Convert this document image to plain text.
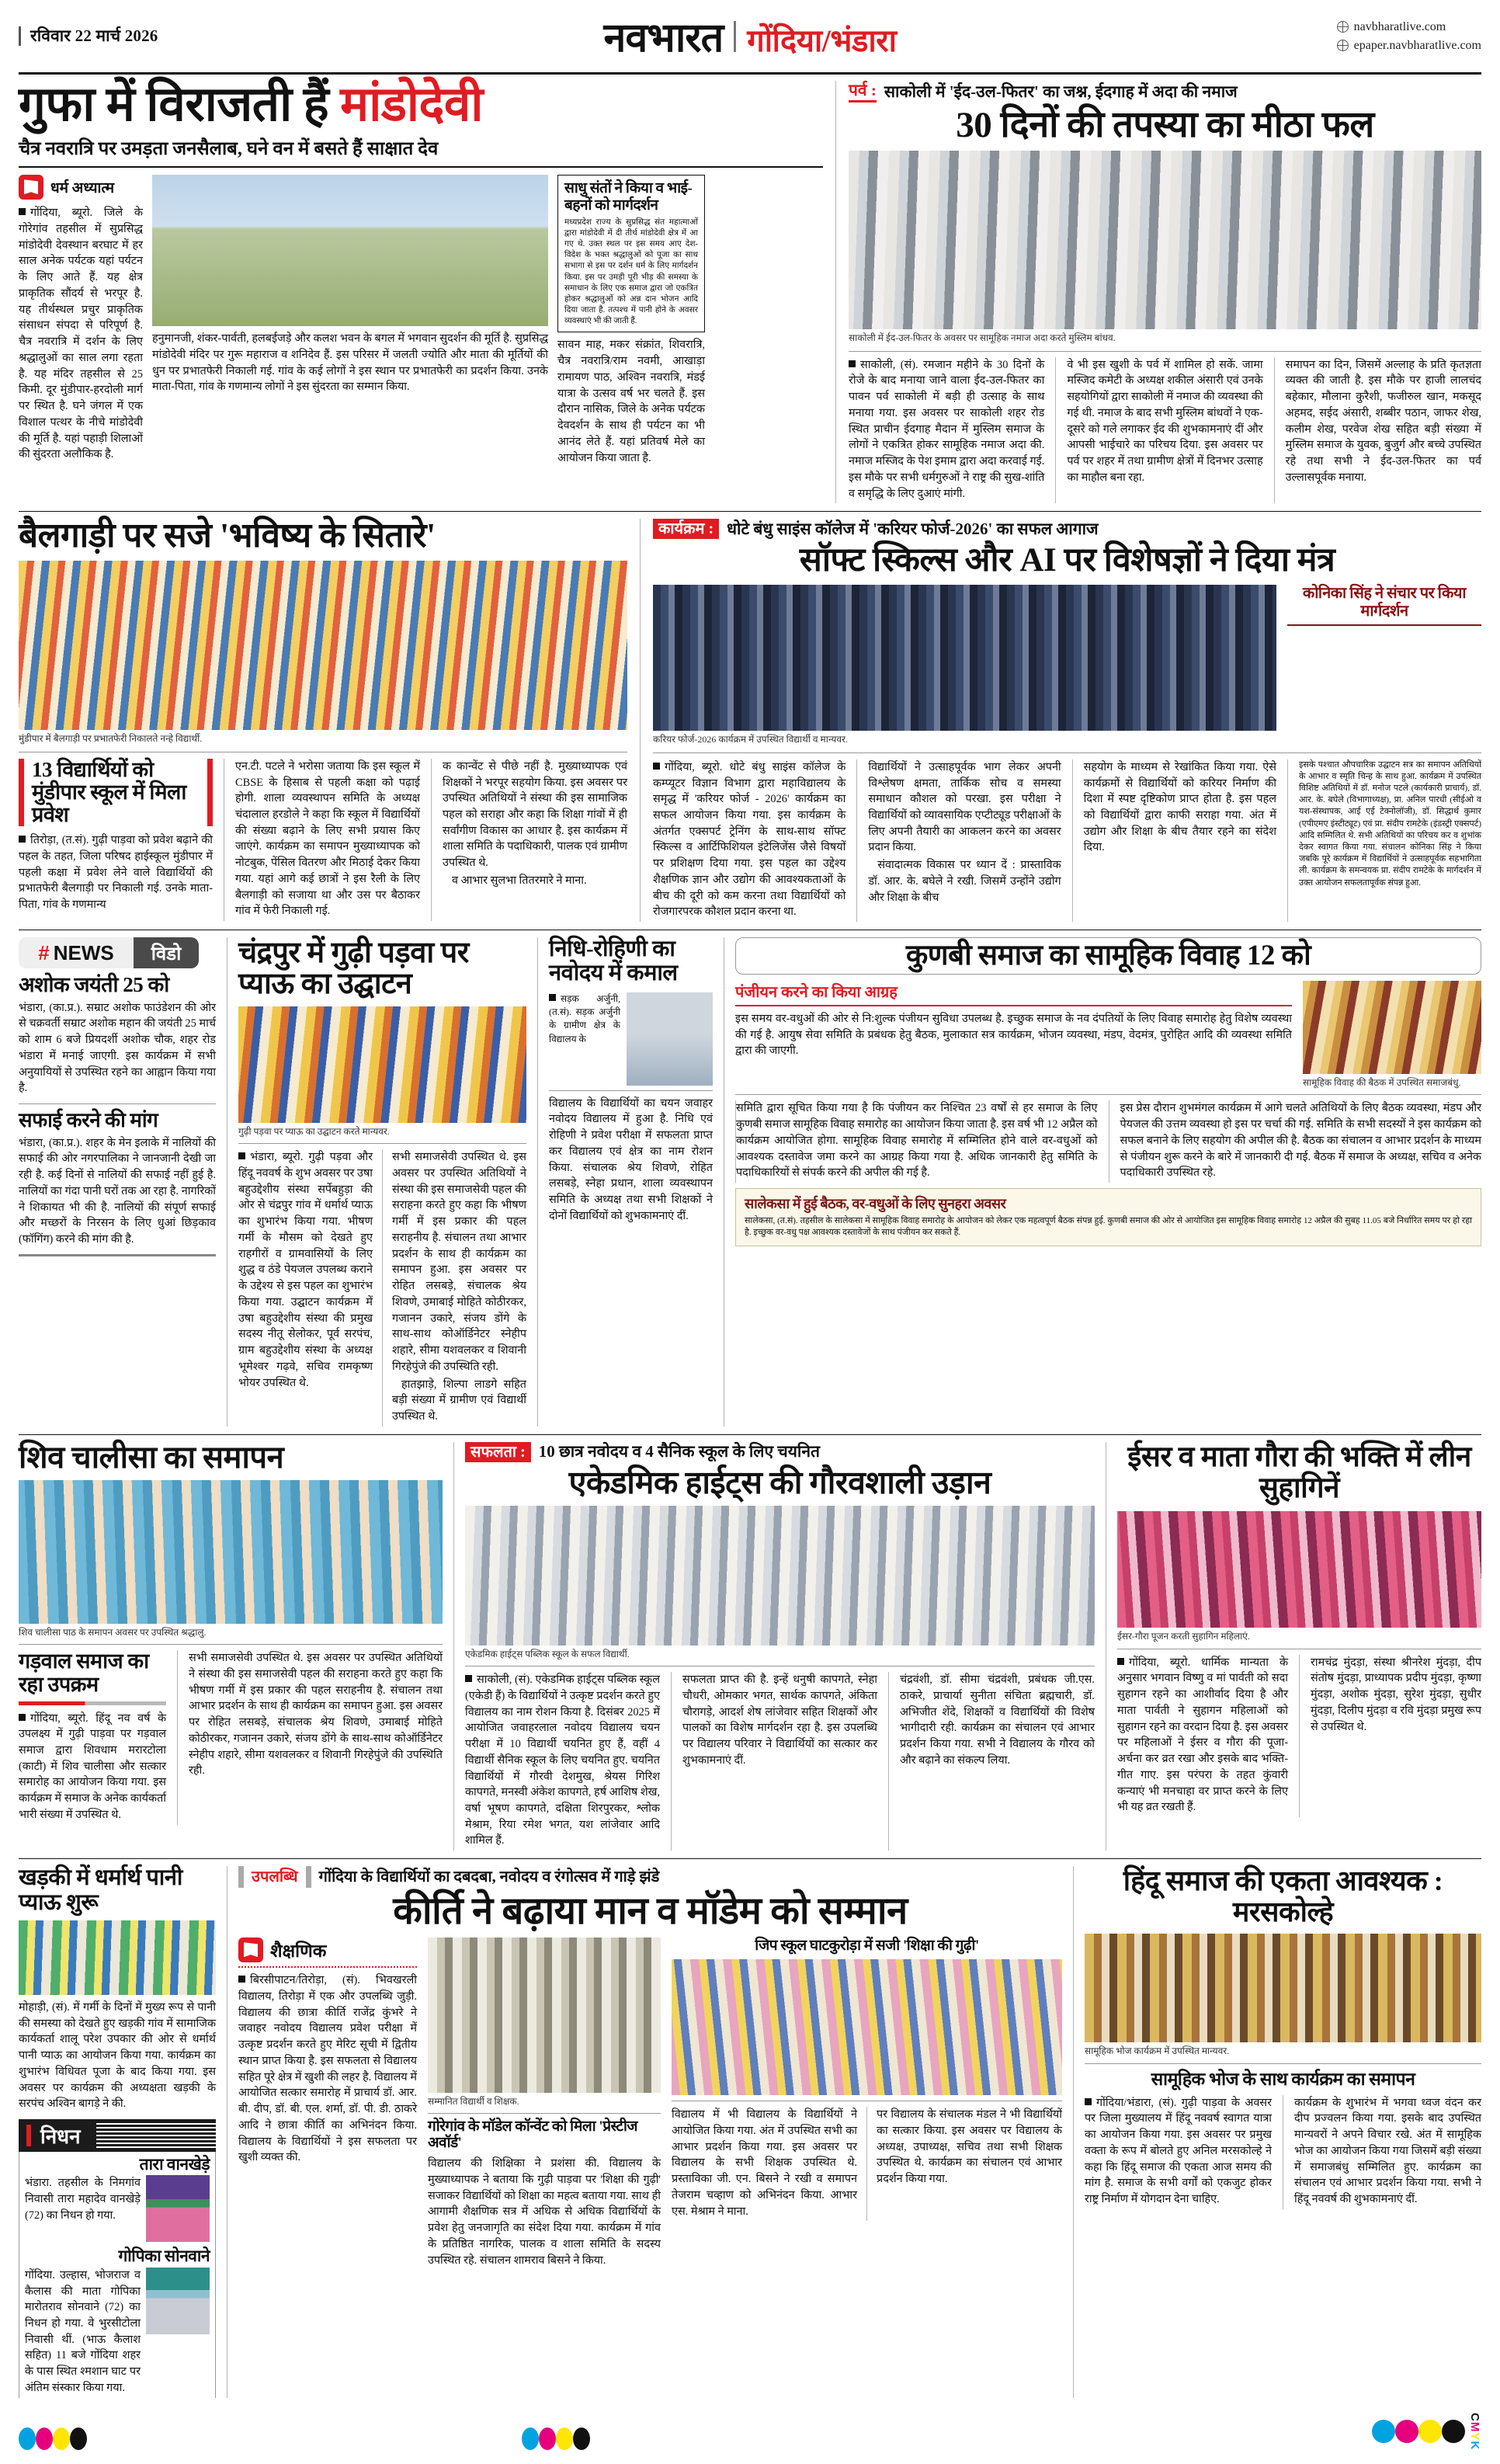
रविवार 22 मार्च 2026	नवभारत गोंदिया/भंडारा	navbharatlive.com
epaper.navbharatlive.com
गुफा में विराजती हैं मांडोदेवी
चैत्र नवरात्रि पर उमड़ता जनसैलाब, घने वन में बसते हैं साक्षात देव
धर्म अध्यात्म

गोंदिया, ब्यूरो. जिले के गोरेगांव तहसील में सुप्रसिद्ध मांडोदेवी देवस्थान बरघाट में हर साल अनेक पर्यटक यहां पर्यटन के लिए आते हैं. यह क्षेत्र प्राकृतिक सौंदर्य से भरपूर है. यह तीर्थस्थल प्रचुर प्राकृतिक संसाधन संपदा से परिपूर्ण है. चैत्र नवरात्रि में दर्शन के लिए श्रद्धालुओं का साल लगा रहता है. यह मंदिर तहसील से 25 किमी. दूर मुंडीपार-हरदोली मार्ग पर स्थित है. घने जंगल में एक विशाल पत्थर के नीचे मांडोदेवी की मूर्ति है. यहां पहाड़ी शिलाओं की सुंदरता अलौकिक है.

हनुमानजी, शंकर-पार्वती, हलबईजड़े और कलश भवन के बगल में भगवान सुदर्शन की मूर्ति है. सुप्रसिद्ध मांडोदेवी मंदिर पर गुरू महाराज व शनिदेव हैं. इस परिसर में जलती ज्योति और माता की मूर्तियों की धुन पर प्रभातफेरी निकाली गई. गांव के कई लोगों ने इस स्थान पर प्रभातफेरी का प्रदर्शन किया. उनके माता-पिता, गांव के गणमान्य लोगों ने इस सुंदरता का सम्मान किया.

साधु संतों ने किया व भाई-बहनों को मार्गदर्शन
मध्यप्रदेश राज्य के सुप्रसिद्ध संत महात्माओं द्वारा मांडोदेवी में दी तीर्थ मांडोदेवी क्षेत्र में आ गए थे. उक्त स्थल पर इस समय आए देश-विदेश के भक्त श्रद्धालुओं को पूजा का साथ सभागा से इस पर दर्शन धर्म के लिए मार्गदर्शन किया. इस पर उमड़ी पूरी भीड़ की समस्या के समाधान के लिए एक समाज द्वारा जो एकत्रित होकर श्रद्धालुओं को अन्न दान भोजन आदि दिया जाता है. तत्पश्च में पानी होने के अवसर व्यवस्थाएं भी की जाती हैं.

सावन माह, मकर संक्रांत, शिवरात्रि, चैत्र नवरात्रि/राम नवमी, आखाड़ा रामायण पाठ, अश्विन नवरात्रि, मंडई यात्रा के उत्सव वर्ष भर चलते हैं. इस दौरान नासिक, जिले के अनेक पर्यटक देवदर्शन के साथ ही पर्यटन का भी आनंद लेते हैं. यहां प्रतिवर्ष मेले का आयोजन किया जाता है.

पर्व : साकोली में 'ईद-उल-फितर' का जश्न, ईदगाह में अदा की नमाज
30 दिनों की तपस्या का मीठा फल
साकोली में ईद-उल-फितर के अवसर पर सामूहिक नमाज अदा करते मुस्लिम बांधव.

साकोली, (सं). रमजान महीने के 30 दिनों के रोजे के बाद मनाया जाने वाला ईद-उल-फितर का पावन पर्व साकोली में बड़ी ही उत्साह के साथ मनाया गया. इस अवसर पर साकोली शहर रोड स्थित प्राचीन ईदगाह मैदान में मुस्लिम समाज के लोगों ने एकत्रित होकर सामूहिक नमाज अदा की. नमाज मस्जिद के पेश इमाम द्वारा अदा करवाई गई. इस मौके पर सभी धर्मगुरुओं ने राष्ट्र की सुख-शांति व समृद्धि के लिए दुआएं मांगी.

वे भी इस खुशी के पर्व में शामिल हो सकें. जामा मस्जिद कमेटी के अध्यक्ष शकील अंसारी एवं उनके सहयोगियों द्वारा साकोली में नमाज की व्यवस्था की गई थी. नमाज के बाद सभी मुस्लिम बांधवों ने एक-दूसरे को गले लगाकर ईद की शुभकामनाएं दीं और आपसी भाईचारे का परिचय दिया. इस अवसर पर पर्व पर शहर में तथा ग्रामीण क्षेत्रों में दिनभर उत्साह का माहौल बना रहा.

समापन का दिन, जिसमें अल्लाह के प्रति कृतज्ञता व्यक्त की जाती है. इस मौके पर हाजी लालचंद बहेकार, मौलाना कुरैशी, फजीरुल खान, मकसूद अहमद, सईद अंसारी, शब्बीर पठान, जाफर शेख, कलीम शेख, परवेज शेख सहित बड़ी संख्या में मुस्लिम समाज के युवक, बुजुर्ग और बच्चे उपस्थित रहे तथा सभी ने ईद-उल-फितर का पर्व उल्लासपूर्वक मनाया.

बैलगाड़ी पर सजे 'भविष्य के सितारे'
मुंडीपार में बैलगाड़ी पर प्रभातफेरी निकालते नन्हे विद्यार्थी.
13 विद्यार्थियों को मुंडीपार स्कूल में मिला प्रवेश

तिरोड़ा, (त.सं). गुढ़ी पाड़वा को प्रवेश बढ़ाने की पहल के तहत, जिला परिषद हाईस्कूल मुंडीपार में पहली कक्षा में प्रवेश लेने वाले विद्यार्थियों की प्रभातफेरी बैलगाड़ी पर निकाली गई. उनके माता-पिता, गांव के गणमान्य

एन.टी. पटले ने भरोसा जताया कि इस स्कूल में CBSE के हिसाब से पहली कक्षा को पढ़ाई होगी. शाला व्यवस्थापन समिति के अध्यक्ष चंदालाल हरडोले ने कहा कि स्कूल में विद्यार्थियों की संख्या बढ़ाने के लिए सभी प्रयास किए जाएंगे. कार्यक्रम का समापन मुख्याध्यापक को नोटबुक, पेंसिल वितरण और मिठाई देकर किया गया. यहां आगे कई छात्रों ने इस रैली के लिए बैलगाड़ी को सजाया था और उस पर बैठाकर गांव में फेरी निकाली गई.

क कान्वेंट से पीछे नहीं है. मुख्याध्यापक एवं शिक्षकों ने भरपूर सहयोग किया. इस अवसर पर उपस्थित अतिथियों ने संस्था की इस सामाजिक पहल को सराहा और कहा कि शिक्षा गांवों में ही सर्वांगीण विकास का आधार है. इस कार्यक्रम में शाला समिति के पदाधिकारी, पालक एवं ग्रामीण उपस्थित थे.

व आभार सुलभा तितरमारे ने माना.

कार्यक्रम : धोटे बंधु साइंस कॉलेज में 'करियर फोर्ज-2026' का सफल आगाज
सॉफ्ट स्किल्स और AI पर विशेषज्ञों ने दिया मंत्र
करियर फोर्ज-2026 कार्यक्रम में उपस्थित विद्यार्थी व मान्यवर.
कोनिका सिंह ने संचार पर किया मार्गदर्शन

गोंदिया, ब्यूरो. धोटे बंधु साइंस कॉलेज के कम्प्यूटर विज्ञान विभाग द्वारा महाविद्यालय के समृद्ध में 'करियर फोर्ज - 2026' कार्यक्रम का सफल आयोजन किया गया. इस कार्यक्रम के अंतर्गत एक्सपर्ट ट्रेनिंग के साथ-साथ सॉफ्ट स्किल्स व आर्टिफिशियल इंटेलिजेंस जैसे विषयों पर प्रशिक्षण दिया गया. इस पहल का उद्देश्य शैक्षणिक ज्ञान और उद्योग की आवश्यकताओं के बीच की दूरी को कम करना तथा विद्यार्थियों को रोजगारपरक कौशल प्रदान करना था.

विद्यार्थियों ने उत्साहपूर्वक भाग लेकर अपनी विश्लेषण क्षमता, तार्किक सोच व समस्या समाधान कौशल को परखा. इस परीक्षा ने विद्यार्थियों को व्यावसायिक एप्टीट्यूड परीक्षाओं के लिए अपनी तैयारी का आकलन करने का अवसर प्रदान किया.

संवादात्मक विकास पर ध्यान दें : प्रास्ताविक डॉ. आर. के. बघेले ने रखी. जिसमें उन्होंने उद्योग और शिक्षा के बीच

सहयोग के माध्यम से रेखांकित किया गया. ऐसे कार्यक्रमों से विद्यार्थियों को करियर निर्माण की दिशा में स्पष्ट दृष्टिकोण प्राप्त होता है. इस पहल को विद्यार्थियों द्वारा काफी सराहा गया. अंत में उद्योग और शिक्षा के बीच तैयार रहने का संदेश दिया.

इसके पश्चात औपचारिक उद्घाटन सत्र का समापन अतिथियों के आभार व स्मृति चिन्ह के साथ हुआ. कार्यक्रम में उपस्थित विशिष्ट अतिथियों में डॉ. मनोज पटले (कार्यकारी प्राचार्य), डॉ. आर. के. बघेले (विभागाध्यक्ष), प्रा. अनिल पारधी (सीईओ व यश-संस्थापक, आई एई टेक्नोलॉजी), डॉ. सिद्धार्थ कुमार (एपीएमए इंस्टीट्यूट) एवं प्रा. संदीप रामटेके (इंडस्ट्री एक्सपर्ट) आदि सम्मिलित थे. सभी अतिथियों का परिचय कर व शुभांक देकर स्वागत किया गया. संचालन कोनिका सिंह ने किया जबकि पूरे कार्यक्रम में विद्यार्थियों ने उत्साहपूर्वक सहभागिता ली. कार्यक्रम के समन्वयक प्रा. संदीप रामटेके के मार्गदर्शन में उक्त आयोजन सफलतापूर्वक संपन्न हुआ.
# NEWS	विडो
अशोक जयंती 25 को

भंडारा, (का.प्र.). सम्राट अशोक फाउंडेशन की ओर से चक्रवर्ती सम्राट अशोक महान की जयंती 25 मार्च को शाम 6 बजे प्रियदर्शी अशोक चौक, शहर रोड भंडारा में मनाई जाएगी. इस कार्यक्रम में सभी अनुयायियों से उपस्थित रहने का आह्वान किया गया है.

सफाई करने की मांग

भंडारा, (का.प्र.). शहर के मेन इलाके में नालियों की सफाई की ओर नगरपालिका ने जानजानी देखी जा रही है. कई दिनों से नालियों की सफाई नहीं हुई है. नालियों का गंदा पानी घरों तक आ रहा है. नागरिकों ने शिकायत भी की है. नालियों की संपूर्ण सफाई और मच्छरों के निरसन के लिए धुआं छिड़काव (फॉगिंग) करने की मांग की है.

चंद्रपुर में गुढ़ी पड़वा पर प्याऊ का उद्घाटन
गुढ़ी पड़वा पर प्याऊ का उद्घाटन करते मान्यवर.

भंडारा, ब्यूरो. गुढ़ी पड़वा और हिंदू नववर्ष के शुभ अवसर पर उषा बहुउद्देशीय संस्था सर्पेबहुड़ा की ओर से चंद्रपुर गांव में धर्मार्थ प्याऊ का शुभारंभ किया गया. भीषण गर्मी के मौसम को देखते हुए राहगीरों व ग्रामवासियों के लिए शुद्ध व ठंडे पेयजल उपलब्ध कराने के उद्देश्य से इस पहल का शुभारंभ किया गया. उद्घाटन कार्यक्रम में उषा बहुउद्देशीय संस्था की प्रमुख सदस्य नीतू सेलोकर, पूर्व सरपंच, ग्राम बहुउद्देशीय संस्था के अध्यक्ष भूमेश्वर गढ़वे, सचिव रामकृष्ण भोयर उपस्थित थे.

सभी समाजसेवी उपस्थित थे. इस अवसर पर उपस्थित अतिथियों ने संस्था की इस समाजसेवी पहल की सराहना करते हुए कहा कि भीषण गर्मी में इस प्रकार की पहल सराहनीय है. संचालन तथा आभार प्रदर्शन के साथ ही कार्यक्रम का समापन हुआ. इस अवसर पर रोहित लसबड़े, संचालक श्रेय शिवणे, उमाबाई मोहिते कोठीरकर, गजानन उकारे, संजय डोंगे के साथ-साथ कोऑर्डिनेटर स्नेहीप शहारे, सीमा यशवलकर व शिवानी गिरहेपुंजे की उपस्थिति रही.

हातझाड़े, शिल्पा लाडगे सहित बड़ी संख्या में ग्रामीण एवं विद्यार्थी उपस्थित थे.

निधि-रोहिणी का नवोदय में कमाल

सड़क अर्जुनी, (त.सं). सड़क अर्जुनी के ग्रामीण क्षेत्र के विद्यालय के

विद्यालय के विद्यार्थियों का चयन जवाहर नवोदय विद्यालय में हुआ है. निधि एवं रोहिणी ने प्रवेश परीक्षा में सफलता प्राप्त कर विद्यालय एवं क्षेत्र का नाम रोशन किया. संचालक श्रेय शिवणे, रोहित लसबड़े, स्नेहा प्रधान, शाला व्यवस्थापन समिति के अध्यक्ष तथा सभी शिक्षकों ने दोनों विद्यार्थियों को शुभकामनाएं दीं.

कुणबी समाज का सामूहिक विवाह 12 को
पंजीयन करने का किया आग्रह

इस समय वर-वधुओं की ओर से नि:शुल्क पंजीयन सुविधा उपलब्ध है. इच्छुक समाज के नव दंपतियों के लिए विवाह समारोह हेतु विशेष व्यवस्था की गई है. आयुष सेवा समिति के प्रबंधक हेतु बैठक, मुलाकात सत्र कार्यक्रम, भोजन व्यवस्था, मंडप, वेदमंत्र, पुरोहित आदि की व्यवस्था समिति द्वारा की जाएगी.

सामूहिक विवाह की बैठक में उपस्थित समाजबंधु.

समिति द्वारा सूचित किया गया है कि पंजीयन कर निश्चित 23 वर्षों से हर समाज के लिए कुणबी समाज सामूहिक विवाह समारोह का आयोजन किया जाता है. इस वर्ष भी 12 अप्रैल को कार्यक्रम आयोजित होगा. सामूहिक विवाह समारोह में सम्मिलित होने वाले वर-वधुओं को आवश्यक दस्तावेज जमा करने का आग्रह किया गया है. अधिक जानकारी हेतु समिति के पदाधिकारियों से संपर्क करने की अपील की गई है.

इस प्रेस दौरान शुभमंगल कार्यक्रम में आगे चलते अतिथियों के लिए बैठक व्यवस्था, मंडप और पेयजल की उत्तम व्यवस्था हो इस पर चर्चा की गई. समिति के सभी सदस्यों ने इस कार्यक्रम को सफल बनाने के लिए सहयोग की अपील की है. बैठक का संचालन व आभार प्रदर्शन के माध्यम से पंजीयन शुरू करने के बारे में जानकारी दी गई. बैठक में समाज के अध्यक्ष, सचिव व अनेक पदाधिकारी उपस्थित रहे.

सालेकसा में हुई बैठक, वर-वधुओं के लिए सुनहरा अवसर
सालेकसा, (त.सं). तहसील के सालेकसा में सामूहिक विवाह समारोह के आयोजन को लेकर एक महत्वपूर्ण बैठक संपन्न हुई. कुणबी समाज की ओर से आयोजित इस सामूहिक विवाह समारोह 12 अप्रैल की सुबह 11.05 बजे निर्धारित समय पर हो रहा है. इच्छुक वर-वधु पक्ष आवश्यक दस्तावेजों के साथ पंजीयन कर सकते हैं.
शिव चालीसा का समापन
शिव चालीसा पाठ के समापन अवसर पर उपस्थित श्रद्धालु.
गड़वाल समाज का रहा उपक्रम

गोंदिया, ब्यूरो. हिंदू नव वर्ष के उपलक्ष्य में गुढ़ी पाड़वा पर गड़वाल समाज द्वारा शिवधाम मरारटोला (काटी) में शिव चालीसा और सत्कार समारोह का आयोजन किया गया. इस कार्यक्रम में समाज के अनेक कार्यकर्ता भारी संख्या में उपस्थित थे.

सभी समाजसेवी उपस्थित थे. इस अवसर पर उपस्थित अतिथियों ने संस्था की इस समाजसेवी पहल की सराहना करते हुए कहा कि भीषण गर्मी में इस प्रकार की पहल सराहनीय है. संचालन तथा आभार प्रदर्शन के साथ ही कार्यक्रम का समापन हुआ. इस अवसर पर रोहित लसबड़े, संचालक श्रेय शिवणे, उमाबाई मोहिते कोठीरकर, गजानन उकारे, संजय डोंगे के साथ-साथ कोऑर्डिनेटर स्नेहीप शहारे, सीमा यशवलकर व शिवानी गिरहेपुंजे की उपस्थिति रही.

सफलता : 10 छात्र नवोदय व 4 सैनिक स्कूल के लिए चयनित
एकेडमिक हाईट्स की गौरवशाली उड़ान
एकेडमिक हाईट्स पब्लिक स्कूल के सफल विद्यार्थी.

साकोली, (सं). एकेडमिक हाईट्स पब्लिक स्कूल (एकेडी हैं) के विद्यार्थियों ने उत्कृष्ट प्रदर्शन करते हुए विद्यालय का नाम रोशन किया है. दिसंबर 2025 में आयोजित जवाहरलाल नवोदय विद्यालय चयन परीक्षा में 10 विद्यार्थी चयनित हुए हैं, वहीं 4 विद्यार्थी सैनिक स्कूल के लिए चयनित हुए. चयनित विद्यार्थियों में गौरवी देशमुख, श्रेयस गिरिश कापगते, मनस्वी अंकेश कापगते, हर्ष आशिष शेख, वर्षा भूषण कापगते, दक्षिता शिरपुरकर, श्लोक मेश्राम, रिया रमेश भगत, यश लांजेवार आदि शामिल हैं.

सफलता प्राप्त की है. इन्हें धनुषी कापगते, स्नेहा चौधरी, ओमकार भगत, सार्थक कापगते, अंकिता चौरागड़े, आदर्श शेष लांजेवार सहित शिक्षकों और पालकों का विशेष मार्गदर्शन रहा है. इस उपलब्धि पर विद्यालय परिवार ने विद्यार्थियों का सत्कार कर शुभकामनाएं दीं.

चंद्रवंशी, डॉ. सीमा चंद्रवंशी, प्रबंधक जी.एस. ठाकरे, प्राचार्या सुनीता संचिता ब्रह्मचारी, डॉ. अभिजीत शेंदे, शिक्षकों व विद्यार्थियों की विशेष भागीदारी रही. कार्यक्रम का संचालन एवं आभार प्रदर्शन किया गया. सभी ने विद्यालय के गौरव को और बढ़ाने का संकल्प लिया.

ईसर व माता गौरा की भक्ति में लीन सुहागिनें
ईसर-गौरा पूजन करती सुहागिन महिलाएं.

गोंदिया, ब्यूरो. धार्मिक मान्यता के अनुसार भगवान विष्णु व मां पार्वती को सदा सुहागन रहने का आशीर्वाद दिया है और माता पार्वती ने सुहागन महिलाओं को सुहागन रहने का वरदान दिया है. इस अवसर पर महिलाओं ने ईसर व गौरा की पूजा-अर्चना कर व्रत रखा और इसके बाद भक्ति-गीत गाए. इस परंपरा के तहत कुंवारी कन्याएं भी मनचाहा वर प्राप्त करने के लिए भी यह व्रत रखती हैं.

रामचंद्र मुंदड़ा, संस्था श्रीनरेश मुंदड़ा, दीप संतोष मुंदड़ा, प्राध्यापक प्रदीप मुंदड़ा, कृष्णा मुंदड़ा, अशोक मुंदड़ा, सुरेश मुंदड़ा, सुधीर मुंदड़ा, दिलीप मुंदड़ा व रवि मुंदड़ा प्रमुख रूप से उपस्थित थे.

खड़की में धर्मार्थ पानी प्याऊ शुरू

मोहाड़ी, (सं). में गर्मी के दिनों में मुख्य रूप से पानी की समस्या को देखते हुए खड़की गांव में सामाजिक कार्यकर्ता शालू परेश उपकार की ओर से धर्मार्थ पानी प्याऊ का आयोजन किया गया. कार्यक्रम का शुभारंभ विधिवत पूजा के बाद किया गया. इस अवसर पर कार्यक्रम की अध्यक्षता खड़की के सरपंच अश्विन बागड़े ने की.

निधन
तारा वानखेड़े

भंडारा. तहसील के निमगांव निवासी तारा महादेव वानखेड़े (72) का निधन हो गया.

गोपिका सोनवाने

गोंदिया. उल्हास, भोजराज व कैलास की माता गोपिका मारोतराव सोनवाने (72) का निधन हो गया. वे भुरसीटोला निवासी थीं. (भाऊ कैलाश सहित) 11 बजे गोंदिया शहर के पास स्थित श्मशान घाट पर अंतिम संस्कार किया गया.

उपलब्धि गोंदिया के विद्यार्थियों का दबदबा, नवोदय व रंगोत्सव में गाड़े झंडे
कीर्ति ने बढ़ाया मान व मॉडेम को सम्मान
शैक्षणिक

बिरसीपाटन/तिरोड़ा, (सं). भिवखरली विद्यालय, तिरोड़ा में एक और उपलब्धि जुड़ी. विद्यालय की छात्रा कीर्ति राजेंद्र कुंभरे ने जवाहर नवोदय विद्यालय प्रवेश परीक्षा में उत्कृष्ट प्रदर्शन करते हुए मेरिट सूची में द्वितीय स्थान प्राप्त किया है. इस सफलता से विद्यालय सहित पूरे क्षेत्र में खुशी की लहर है. विद्यालय में आयोजित सत्कार समारोह में प्राचार्य डॉ. आर. बी. दीप, डॉ. बी. एल. शर्मा, डॉ. पी. डी. ठाकरे आदि ने छात्रा कीर्ति का अभिनंदन किया. विद्यालय के विद्यार्थियों ने इस सफलता पर खुशी व्यक्त की.

सम्मानित विद्यार्थी व शिक्षक.
गोरेगांव के मॉडेल कॉन्वेंट को मिला 'प्रेस्टीज अवॉर्ड'

विद्यालय की शिक्षिका ने प्रशंसा की. विद्यालय के मुख्याध्यापक ने बताया कि गुढ़ी पाड़वा पर 'शिक्षा की गुढ़ी' सजाकर विद्यार्थियों को शिक्षा का महत्व बताया गया. साथ ही आगामी शैक्षणिक सत्र में अधिक से अधिक विद्यार्थियों के प्रवेश हेतु जनजागृति का संदेश दिया गया. कार्यक्रम में गांव के प्रतिष्ठित नागरिक, पालक व शाला समिति के सदस्य उपस्थित रहे. संचालन शामराव बिसने ने किया.

जिप स्कूल घाटकुरोड़ा में सजी 'शिक्षा की गुढ़ी'

विद्यालय में भी विद्यालय के विद्यार्थियों ने आयोजित किया गया. अंत में उपस्थित सभी का आभार प्रदर्शन किया गया. इस अवसर पर विद्यालय के सभी शिक्षक उपस्थित थे. प्रस्ताविका जी. एन. बिसने ने रखी व समापन तेजराम चव्हाण को अभिनंदन किया. आभार एस. मेश्राम ने माना.

पर विद्यालय के संचालक मंडल ने भी विद्यार्थियों का सत्कार किया. इस अवसर पर विद्यालय के अध्यक्ष, उपाध्यक्ष, सचिव तथा सभी शिक्षक उपस्थित थे. कार्यक्रम का संचालन एवं आभार प्रदर्शन किया गया.

हिंदू समाज की एकता आवश्यक : मरसकोल्हे
सामूहिक भोज कार्यक्रम में उपस्थित मान्यवर.
सामूहिक भोज के साथ कार्यक्रम का समापन

गोंदिया/भंडारा, (सं). गुढ़ी पाड़वा के अवसर पर जिला मुख्यालय में हिंदू नववर्ष स्वागत यात्रा का आयोजन किया गया. इस अवसर पर प्रमुख वक्ता के रूप में बोलते हुए अनिल मरसकोल्हे ने कहा कि हिंदू समाज की एकता आज समय की मांग है. समाज के सभी वर्गों को एकजुट होकर राष्ट्र निर्माण में योगदान देना चाहिए.

कार्यक्रम के शुभारंभ में भगवा ध्वज वंदन कर दीप प्रज्वलन किया गया. इसके बाद उपस्थित मान्यवरों ने अपने विचार रखे. अंत में सामूहिक भोज का आयोजन किया गया जिसमें बड़ी संख्या में समाजबंधु सम्मिलित हुए. कार्यक्रम का संचालन एवं आभार प्रदर्शन किया गया. सभी ने हिंदू नववर्ष की शुभकामनाएं दीं.

CMYK
